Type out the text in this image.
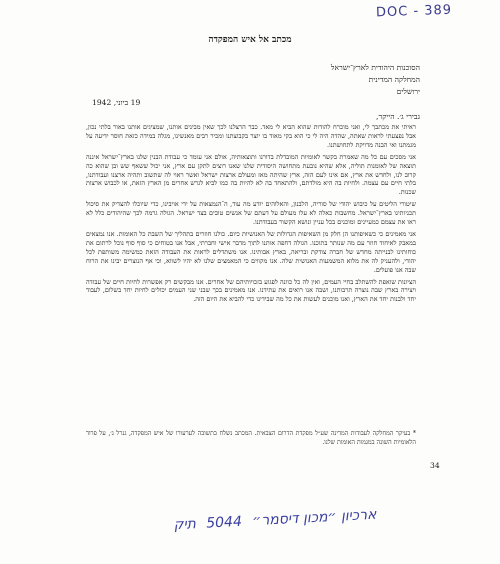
DOC - 389
מכתב אל איש המפקדה
הסוכנות היהודית לארץ־ישראל
המחלקה המדינית
ירושלים
19 ביוני, 1942
גבירי ג׳. הייקר,

ראיתי את מכתבך לי, ואני מוכרח להודות שהוא הביא לי מאד. כבר הרצלנו לכך שאין מבינים אותנו, שמציגים אותנו באור בלתי נכון, אבל נפצעתי לראות שאתה, שהדה היה לי כי הוא בקי מאוד בו יוצר בקבוצתנו ומכיר רבים מאנשינו, מגלה במידה כזאת חוסר ידיעה על מגמתנו ואי הבנה מדויקת לתחושתנו.

אני מסכים עם כל מה שאמרת בקשר לאומיות המובדלת בדורנו ותוצאותיה, אולם אני עומד כי עבודת הבנין שלנו בארץ־ישראל איננה תוצאה של לאומנות תוליה, אלא שהיא נובעת מתחושה היסודית שלנו שאנו רוצים לתקן עם ארץ, אני יכול ששאף שש ובן שהוא כה קרוב לנו, ולחדש את ארץ, אם אינו לעם הזה, ארץ שהיתה מאז ומעולם ארצות ישראל ואשר ראוי לה שתשוב ותהיה ארצנו ועבודתנו, בלתי חיים עם עצמה. ולחיות בה היא מולדתם, ולהתאחד בה לא להיות בה כמו לביא לגרש אחרים מן הארץ הזאת, או לכבוש ארצות שכנות.

שיטורי הליטים על כיבוש יהודי של סוריה, הלבנון, והאלוהים יודע מה עוד, ה־הנמצאות על ידי אויבינו, כדי שיוכלו להצדיק את סיכול תכניותינו בארץ־ישראל. מחשבות כאלה לא עלו מעולם על דעתם של אנשים טובים בצד ישראל. הגולה גרמה לכך שהיהודים כלל לא ראו את עצמם כמעיינים ומוכנים בכל עניין ונושא הקשור בעבודתנו.

אני מאמינים כי כשאיפותנו הן חלק מן השאיפות הגדולות של האנושיות כיום. כולנו חוזרים בתהליך של השבת כל האומות. אנו נמצאים במאבק לאיחוד חוזר עם מה שנותר בתוכנו. הגולה דחפה אותנו לתוך מדבר אישי וחברתי, אבל אנו בטוחים כי סוף סוף נוכל לרתום את כוחותינו לבנייתה מחדש של חברה צודקת ובריאה, בארץ אבותינו. אנו משתדלים לראות את העבודה הזאת כמשימה משותפת לכל יהודי, ולהעניק לה את מלוא המשמעות האנושית שלה. אנו מקווים כי המאמצים שלנו לא יהיו לשווא, וכי אף הנוצרים יבינו את הרוח שבה אנו פועלים.

הציונות שואפת להשתלב בחיי העמים, ואין לה כל כוונה לפגוע בזכויותיהם של אחרים. אנו מבקשים רק אפשרות לחיות חיים של עבודה ויצירה בארץ שבה נוצרה תרבותנו, ושבה אנו רואים את עתידנו. אנו מאמינים בכך שבני שני העמים יכולים לחיות יחד בשלום, לעבוד יחד ולבנות יחד את הארץ, ואנו מוכנים לעשות את כל מה שבידינו כדי להביא את היום הזה.

* בעיקר המחלקה לעבודות המדינה שע״ל מפקדת הדרום הצבאית. המכתב נשלח בתשובה לערעורו של איש המפקדה, גנרל ג׳, על פרוד הלאומיות השונה במגמות האומות שלנו.
34
ארכיון ״מכון דיסמר״ 5044 תיק
